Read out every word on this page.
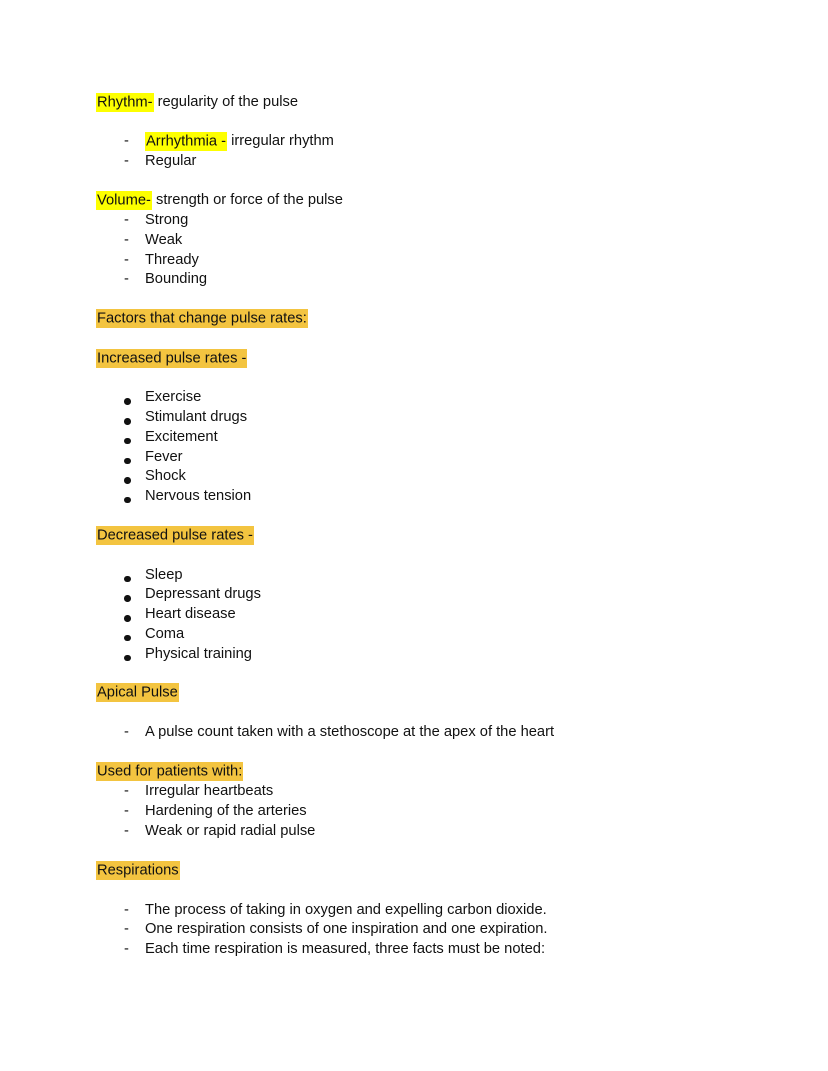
Rhythm- regularity of the pulse
-	Arrhythmia - irregular rhythm
-	Regular
Volume- strength or force of the pulse
-	Strong
-	Weak
-	Thready
-	Bounding
Factors that change pulse rates:
Increased pulse rates -
Exercise
Stimulant drugs
Excitement
Fever
Shock
Nervous tension
Decreased pulse rates -
Sleep
Depressant drugs
Heart disease
Coma
Physical training
Apical Pulse
-	A pulse count taken with a stethoscope at the apex of the heart
Used for patients with:
-	Irregular heartbeats
-	Hardening of the arteries
-	Weak or rapid radial pulse
Respirations
-	The process of taking in oxygen and expelling carbon dioxide.
-	One respiration consists of one inspiration and one expiration.
-	Each time respiration is measured, three facts must be noted:
